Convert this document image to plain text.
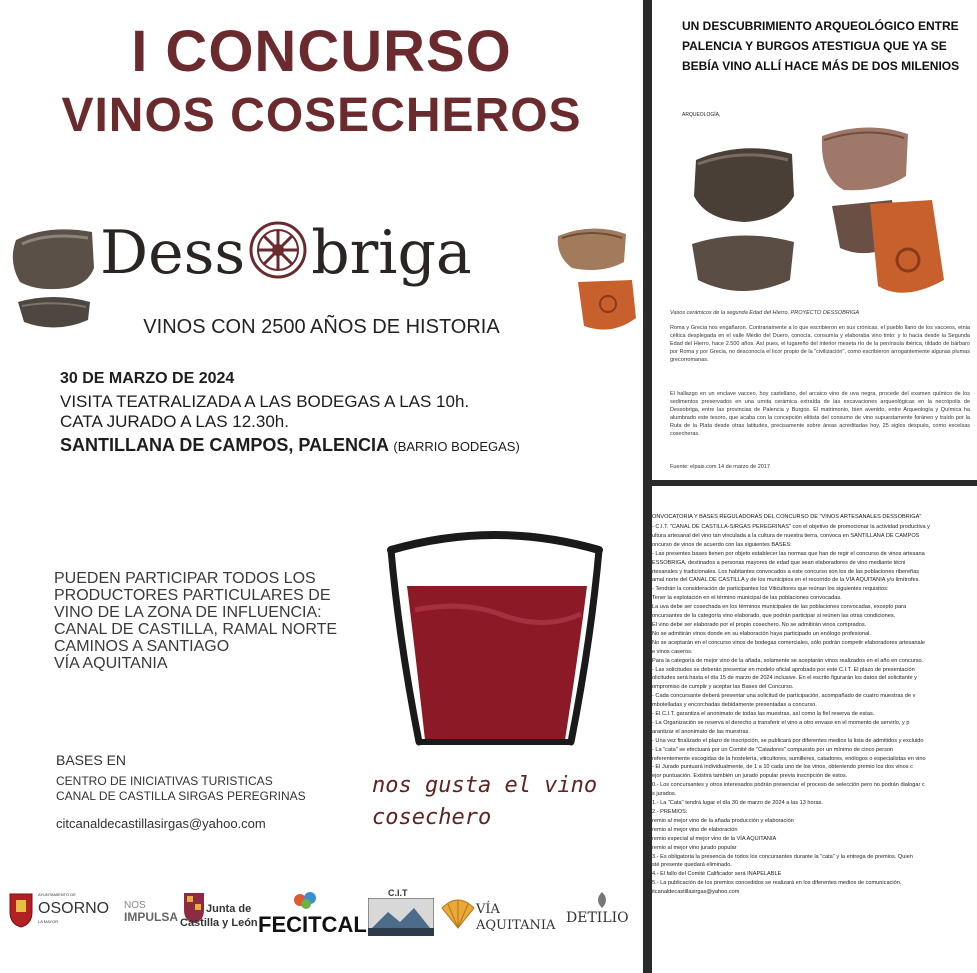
I CONCURSO
VINOS COSECHEROS
Dess briga
VINOS CON 2500 AÑOS DE HISTORIA
30 DE MARZO DE 2024
VISITA TEATRALIZADA A LAS BODEGAS A LAS 10h.
CATA JURADO A LAS 12.30h.
SANTILLANA DE CAMPOS, PALENCIA (BARRIO BODEGAS)
PUEDEN PARTICIPAR TODOS LOS
PRODUCTORES PARTICULARES DE
VINO DE LA ZONA DE INFLUENCIA:
CANAL DE CASTILLA, RAMAL NORTE
CAMINOS A SANTIAGO
VÍA AQUITANIA
BASES EN
CENTRO DE INICIATIVAS TURISTICAS
CANAL DE CASTILLA SIRGAS PEREGRINAS
citcanaldecastillasirgas@yahoo.com
nos gusta el vino
cosechero
AYUNTAMIENTO DE
OSORNO
LA MAYOR
NOS
IMPULSA
Junta de
Castilla y León FECITCAL
C.I.T
VÍA
AQUITANIA DETILIO
UN DESCUBRIMIENTO ARQUEOLÓGICO ENTRE PALENCIA Y BURGOS ATESTIGUA QUE YA SE BEBÍA VINO ALLÍ HACE MÁS DE DOS MILENIOS
ARQUEOLOGÍA,
Vasos cerámicos de la segunda Edad del Hierro. PROYECTO DESSOBRIGA
Roma y Grecia nos engañaron. Contrariamente a lo que escribieron en sus crónicas, el pueblo llano de los vacceos, etnia céltica desplegada en el valle Medio del Duero, conocía, consumía y elaboraba vino tinto: y lo hacía desde la Segunda Edad del Hierro, hace 2.500 años. Así pues, el lugareño del interior meseta río de la península ibérica, tildado de bárbaro por Roma y por Grecia, no desconocía el licor propio de la "civilización", como escribieron arrogantemente algunas plumas grecorromanas.
El hallazgo en un enclave vacceo, hoy castellano, del arcaico vino de uva negra, procede del examen químico de los sedimentos preservados en una urnita cerámica extraída de las excavaciones arqueológicas en la necrópolis de Dessobriga, entre las provincias de Palencia y Burgos. El matrimonio, bien avenido, entre Arqueología y Química ha alumbrado este tesoro, que acaba con la concepción elitista del consumo de vino supuestamente foráneo y traído por la Ruta de la Plata desde otras latitudes, precisamente sobre áreas acreditadas hoy, 25 siglos después, como excelsas cosecheras.
Fuente: elpais.com 14 de marzo de 2017
ONVOCATORIA Y BASES REGULADORAS DEL CONCURSO DE "VINOS ARTESANALES DESSOBRIGA"
- C.I.T. "CANAL DE CASTILLA-SIRGAS PEREGRINAS" con el objetivo de promocionar la actividad productiva y
ultura artesanal del vino tan vinculada a la cultura de nuestra tierra, convoca en SANTILLANA DE CAMPOS
oncurso de vinos de acuerdo con las siguientes BASES:
- Las presentes bases tienen por objeto establecer las normas que han de regir el concurso de vinos artesana
ESSOBRIGA, destinados a personas mayores de edad que sean elaboradores de vino mediante técni
rtesanales y tradicionales. Los habitantes convocados a este concurso son los de las poblaciones ribereñas
amal norte del CANAL DE CASTILLA y de los municipios en el recorrido de la VÍA AQUITANIA y/o limítrofes.
- Tendrán la consideración de participantes los Viticultores que reúnan los siguientes requisitos:
Tener la explotación en el término municipal de las poblaciones convocadas.
La uva debe ser cosechada en los términos municipales de las poblaciones convocadas, excepto para
oncursantes de la categoría vino elaborado, que podrán participar si reúnen las otras condiciones.
El vino debe ser elaborado por el propio cosechero. No se admitirán vinos comprados.
No se admitirán vinos donde en su elaboración haya participado un enólogo profesional.
No se aceptarán en el concurso vinos de bodegas comerciales, sólo podrán competir elaboradores artesanale
e vinos caseros.
Para la categoría de mejor vino de la añada, solamente se aceptarán vinos realizados en el año en concurso.
- Las solicitudes se deberán presentar en modelo oficial aprobado por este C.I.T. El plazo de presentación
olicitudes será hasta el día 15 de marzo de 2024 inclusive. En el escrito figurarán los datos del solicitante y
ompromiso de cumplir y aceptar las Bases del Concurso.
- Cada concursante deberá presentar una solicitud de participación, acompañado de cuatro muestras de v
mbotelladas y encorchadas debidamente presentadas a concurso.
- El C.I.T. garantiza el anonimato de todas las muestras, así como la fiel reserva de estas.
- La Organización se reserva el derecho a transferir el vino a otro envase en el momento de servirlo, y p
arantizar el anonimato de las muestras.
- Una vez finalizado el plazo de inscripción, se publicará por diferentes medios la lista de admitidos y excluido
- La "cata" se efectuará por un Comité de "Catadores" compuesto por un mínimo de cinco person
referentemente escogidas de la hostelería, viticultores, sumilleres, catadores, enólogos o especialistas en vino
- El Jurado puntuará individualmente, de 1 a 10 cada uno de los vinos, obteniendo premio los dos vinos c
ejor puntuación. Existirá también un jurado popular previa inscripción de estos.
0.- Los concursantes y otros interesados podrán presenciar el proceso de selección pero no podrán dialogar c
s jurados.
1.- La "Cata" tendrá lugar el día 30 de marzo de 2024 a las 13 horas.
2.- PREMIOS:
remio al mejor vino de la añada producción y elaboración
remio al mejor vino de elaboración
remio especial al mejor vino de la VÍA AQUITANIA
remio al mejor vino jurado popular
3.- Es obligatoria la presencia de todos los concursantes durante la "cata" y la entrega de premios. Quien
sté presente quedará eliminado.
4.- El fallo del Comité Calificador será INAPELABLE
5.- La publicación de los premios concedidos se realizará en los diferentes medios de comunicación.
itcanaldecastillasirgas@yahoo.com
